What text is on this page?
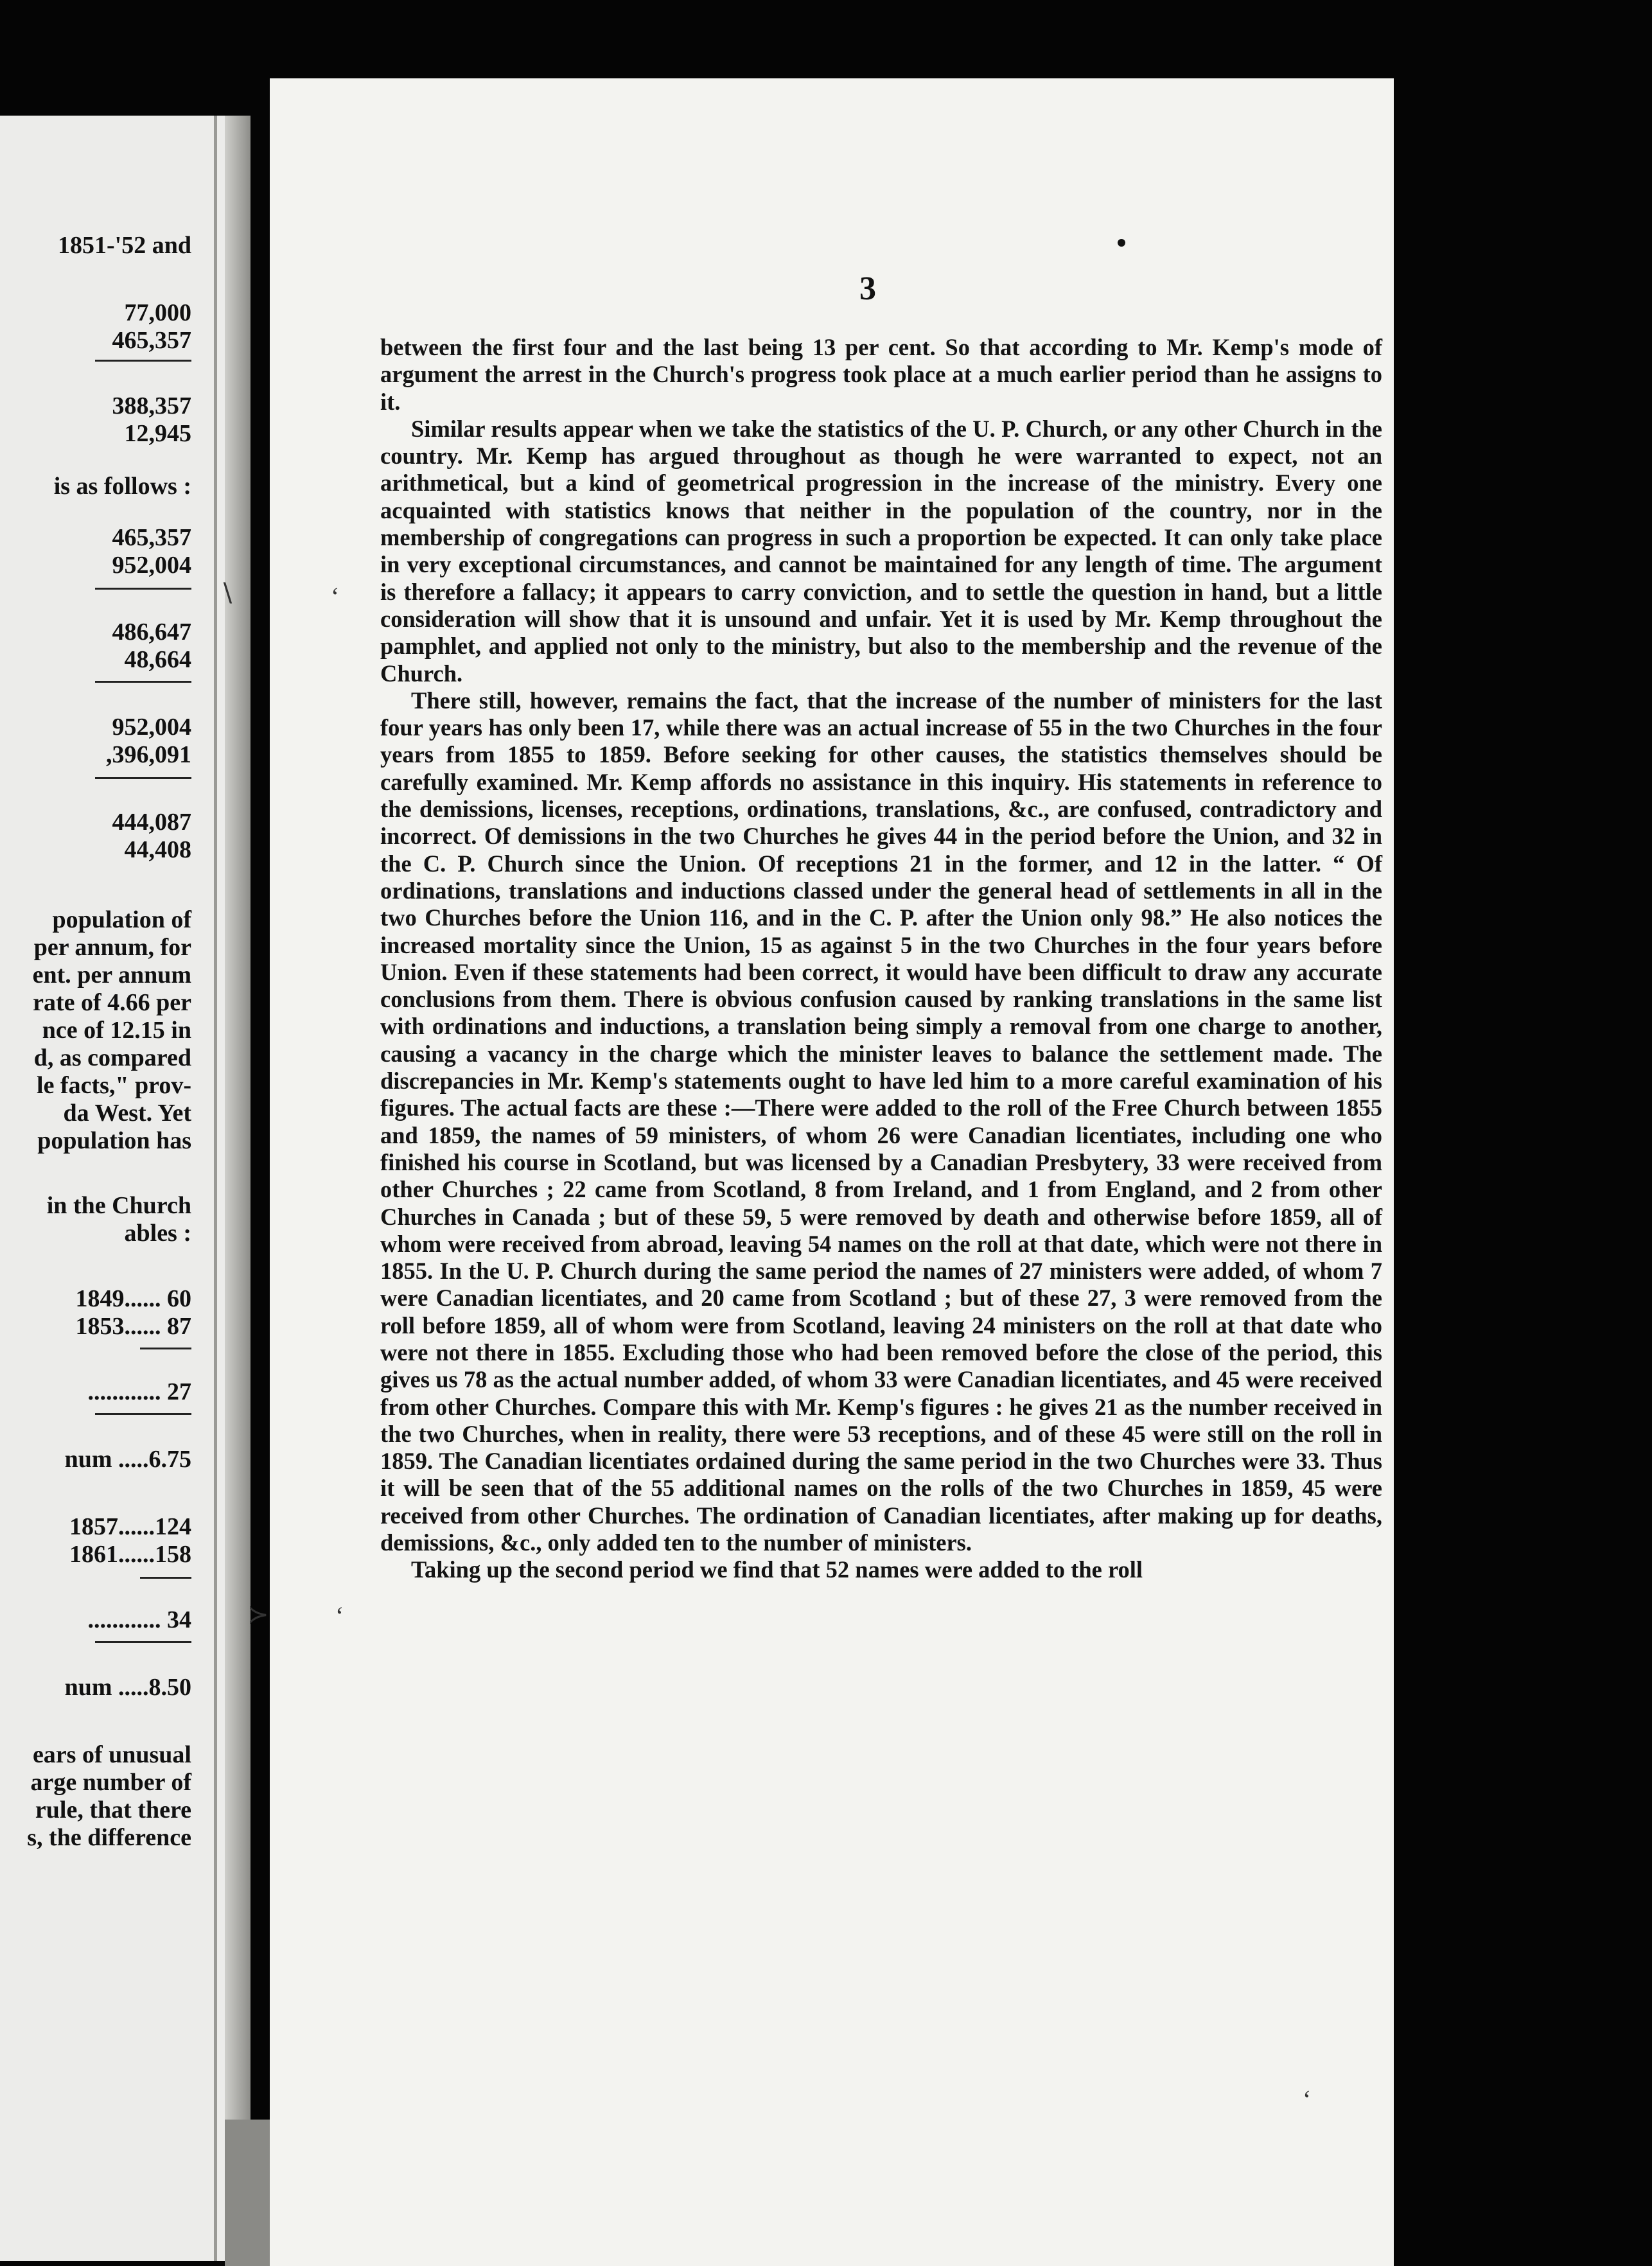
1851-'52 and
77,000
465,357
388,357
12,945
is as follows :
465,357
952,004
486,647
48,664
952,004
,396,091
444,087
44,408
population of
per annum, for
ent. per annum
rate of 4.66 per
nce of 12.15 in
d, as compared
le facts," prov-
da West. Yet
population has
in the Church
ables :
1849...... 60
1853...... 87
............ 27
num .....6.75
1857......124
1861......158
............ 34
num .....8.50
ears of unusual
arge number of
rule, that there
s, the difference
∖	‘
≻	‘
‘
3

between the first four and the last being 13 per cent. So that according to Mr. Kemp's mode of argument the arrest in the Church's progress took place at a much earlier period than he assigns to it.

Similar results appear when we take the statistics of the U. P. Church, or any other Church in the country. Mr. Kemp has argued throughout as though he were warranted to expect, not an arithmetical, but a kind of geometrical progression in the increase of the ministry. Every one acquainted with statistics knows that neither in the population of the country, nor in the membership of congregations can progress in such a proportion be expected. It can only take place in very exceptional circumstances, and cannot be maintained for any length of time. The argument is therefore a fallacy; it appears to carry conviction, and to settle the question in hand, but a little consideration will show that it is unsound and unfair. Yet it is used by Mr. Kemp throughout the pamphlet, and applied not only to the ministry, but also to the membership and the revenue of the Church.

There still, however, remains the fact, that the increase of the number of ministers for the last four years has only been 17, while there was an actual increase of 55 in the two Churches in the four years from 1855 to 1859. Before seeking for other causes, the statistics themselves should be carefully examined. Mr. Kemp affords no assistance in this inquiry. His statements in reference to the demissions, licenses, receptions, ordinations, translations, &c., are confused, contradictory and incorrect. Of demissions in the two Churches he gives 44 in the period before the Union, and 32 in the C. P. Church since the Union. Of receptions 21 in the former, and 12 in the latter. “ Of ordinations, translations and inductions classed under the general head of settlements in all in the two Churches before the Union 116, and in the C. P. after the Union only 98.” He also notices the increased mortality since the Union, 15 as against 5 in the two Churches in the four years before Union. Even if these statements had been correct, it would have been difficult to draw any accurate conclusions from them. There is obvious confusion caused by ranking translations in the same list with ordinations and inductions, a translation being simply a removal from one charge to another, causing a vacancy in the charge which the minister leaves to balance the settlement made. The discrepancies in Mr. Kemp's statements ought to have led him to a more careful examination of his figures. The actual facts are these :—There were added to the roll of the Free Church between 1855 and 1859, the names of 59 ministers, of whom 26 were Canadian licentiates, including one who finished his course in Scotland, but was licensed by a Canadian Presbytery, 33 were received from other Churches ; 22 came from Scotland, 8 from Ireland, and 1 from England, and 2 from other Churches in Canada ; but of these 59, 5 were removed by death and otherwise before 1859, all of whom were received from abroad, leaving 54 names on the roll at that date, which were not there in 1855. In the U. P. Church during the same period the names of 27 ministers were added, of whom 7 were Canadian licentiates, and 20 came from Scotland ; but of these 27, 3 were removed from the roll before 1859, all of whom were from Scotland, leaving 24 ministers on the roll at that date who were not there in 1855. Excluding those who had been removed before the close of the period, this gives us 78 as the actual number added, of whom 33 were Canadian licentiates, and 45 were received from other Churches. Compare this with Mr. Kemp's figures : he gives 21 as the number received in the two Churches, when in reality, there were 53 receptions, and of these 45 were still on the roll in 1859. The Canadian licentiates ordained during the same period in the two Churches were 33. Thus it will be seen that of the 55 additional names on the rolls of the two Churches in 1859, 45 were received from other Churches. The ordination of Canadian licentiates, after making up for deaths, demissions, &c., only added ten to the number of ministers.

Taking up the second period we find that 52 names were added to the roll
